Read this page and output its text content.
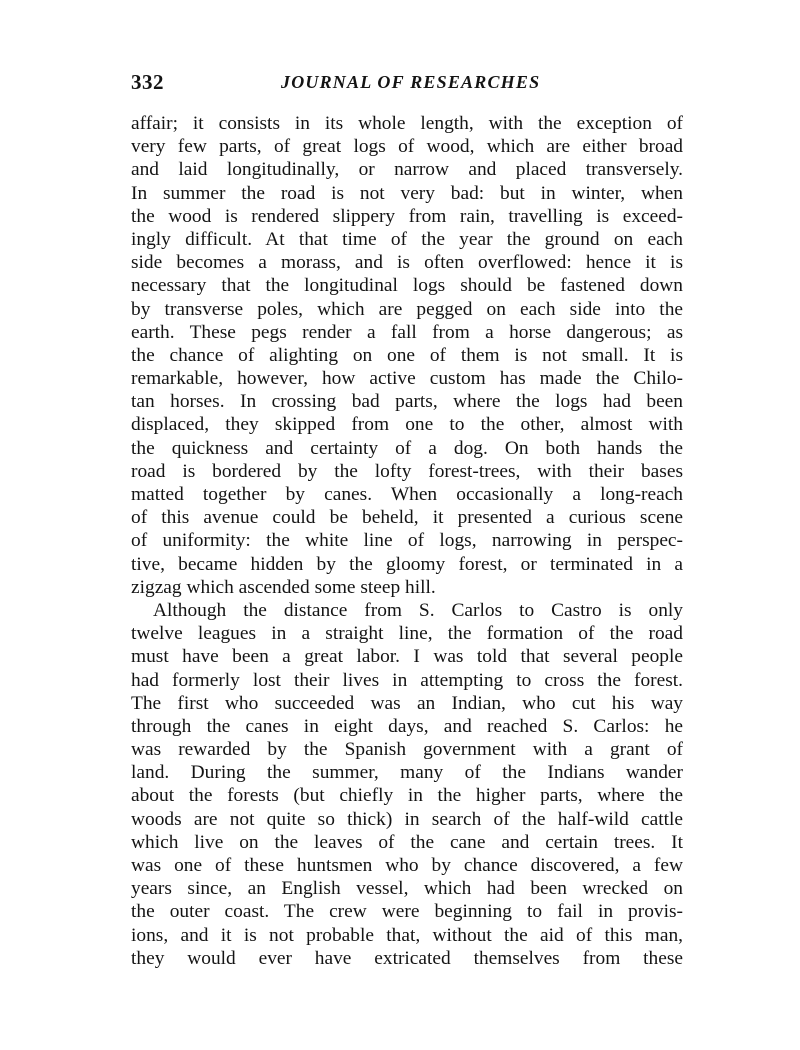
332	JOURNAL OF RESEARCHES
affair; it consists in its whole length, with the exception of
very few parts, of great logs of wood, which are either broad
and laid longitudinally, or narrow and placed transversely.
In summer the road is not very bad: but in winter, when
the wood is rendered slippery from rain, travelling is exceed-
ingly difficult. At that time of the year the ground on each
side becomes a morass, and is often overflowed: hence it is
necessary that the longitudinal logs should be fastened down
by transverse poles, which are pegged on each side into the
earth. These pegs render a fall from a horse dangerous; as
the chance of alighting on one of them is not small. It is
remarkable, however, how active custom has made the Chilo-
tan horses. In crossing bad parts, where the logs had been
displaced, they skipped from one to the other, almost with
the quickness and certainty of a dog. On both hands the
road is bordered by the lofty forest-trees, with their bases
matted together by canes. When occasionally a long-reach
of this avenue could be beheld, it presented a curious scene
of uniformity: the white line of logs, narrowing in perspec-
tive, became hidden by the gloomy forest, or terminated in a
zigzag which ascended some steep hill.
Although the distance from S. Carlos to Castro is only
twelve leagues in a straight line, the formation of the road
must have been a great labor. I was told that several people
had formerly lost their lives in attempting to cross the forest.
The first who succeeded was an Indian, who cut his way
through the canes in eight days, and reached S. Carlos: he
was rewarded by the Spanish government with a grant of
land. During the summer, many of the Indians wander
about the forests (but chiefly in the higher parts, where the
woods are not quite so thick) in search of the half-wild cattle
which live on the leaves of the cane and certain trees. It
was one of these huntsmen who by chance discovered, a few
years since, an English vessel, which had been wrecked on
the outer coast. The crew were beginning to fail in provis-
ions, and it is not probable that, without the aid of this man,
they would ever have extricated themselves from these
